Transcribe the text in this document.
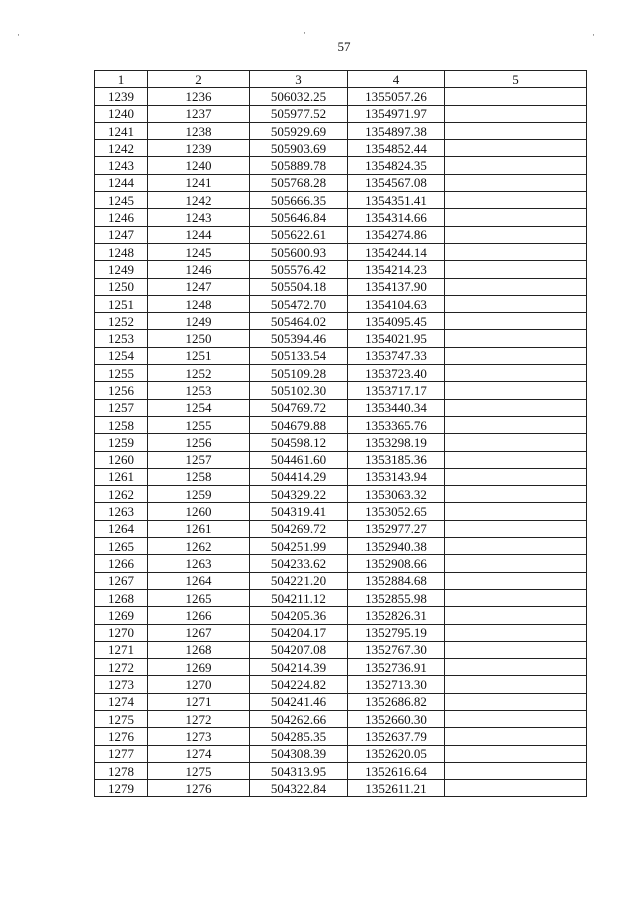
·	·	·
57
1	2	3	4	5
1239	1236	506032.25	1355057.26	
1240	1237	505977.52	1354971.97	
1241	1238	505929.69	1354897.38	
1242	1239	505903.69	1354852.44	
1243	1240	505889.78	1354824.35	
1244	1241	505768.28	1354567.08	
1245	1242	505666.35	1354351.41	
1246	1243	505646.84	1354314.66	
1247	1244	505622.61	1354274.86	
1248	1245	505600.93	1354244.14	
1249	1246	505576.42	1354214.23	
1250	1247	505504.18	1354137.90	
1251	1248	505472.70	1354104.63	
1252	1249	505464.02	1354095.45	
1253	1250	505394.46	1354021.95	
1254	1251	505133.54	1353747.33	
1255	1252	505109.28	1353723.40	
1256	1253	505102.30	1353717.17	
1257	1254	504769.72	1353440.34	
1258	1255	504679.88	1353365.76	
1259	1256	504598.12	1353298.19	
1260	1257	504461.60	1353185.36	
1261	1258	504414.29	1353143.94	
1262	1259	504329.22	1353063.32	
1263	1260	504319.41	1353052.65	
1264	1261	504269.72	1352977.27	
1265	1262	504251.99	1352940.38	
1266	1263	504233.62	1352908.66	
1267	1264	504221.20	1352884.68	
1268	1265	504211.12	1352855.98	
1269	1266	504205.36	1352826.31	
1270	1267	504204.17	1352795.19	
1271	1268	504207.08	1352767.30	
1272	1269	504214.39	1352736.91	
1273	1270	504224.82	1352713.30	
1274	1271	504241.46	1352686.82	
1275	1272	504262.66	1352660.30	
1276	1273	504285.35	1352637.79	
1277	1274	504308.39	1352620.05	
1278	1275	504313.95	1352616.64	
1279	1276	504322.84	1352611.21	
